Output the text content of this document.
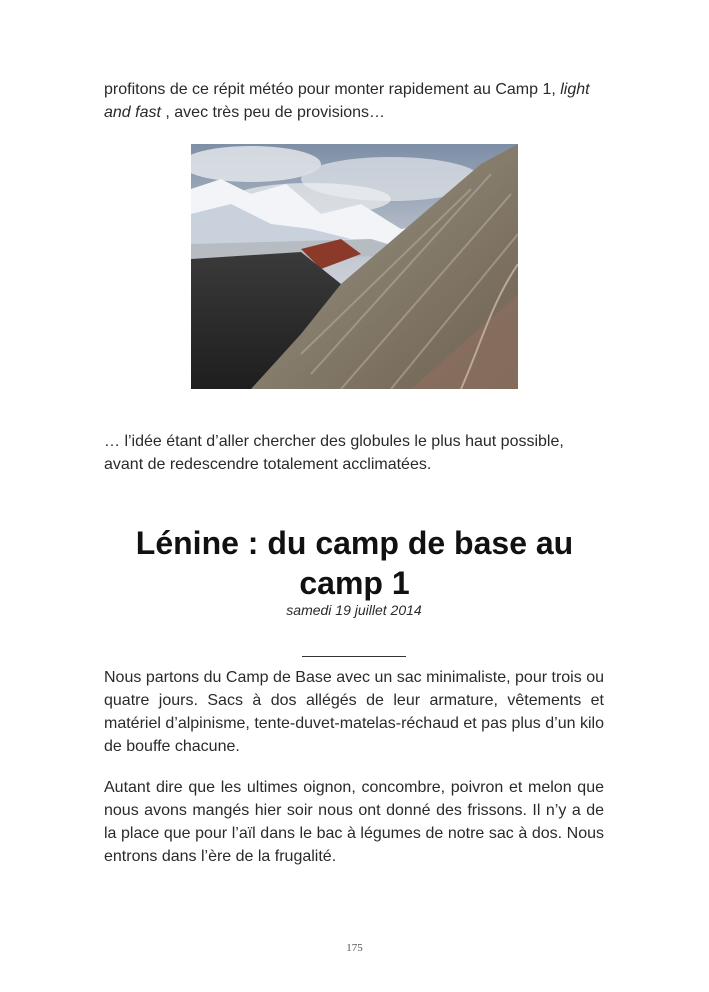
profitons de ce répit météo pour monter rapidement au Camp 1, light and fast , avec très peu de provisions…

… l’idée étant d’aller chercher des globules le plus haut possible, avant de redescendre totalement acclimatées.

Lénine : du camp de base au camp 1
samedi 19 juillet 2014

Nous partons du Camp de Base avec un sac minimaliste, pour trois ou quatre jours. Sacs à dos allégés de leur armature, vêtements et matériel d’alpinisme, tente-duvet-matelas-réchaud et pas plus d’un kilo de bouffe chacune.

Autant dire que les ultimes oignon, concombre, poivron et melon que nous avons mangés hier soir nous ont donné des frissons. Il n’y a de la place que pour l’aïl dans le bac à légumes de notre sac à dos. Nous entrons dans l’ère de la frugalité.

175
